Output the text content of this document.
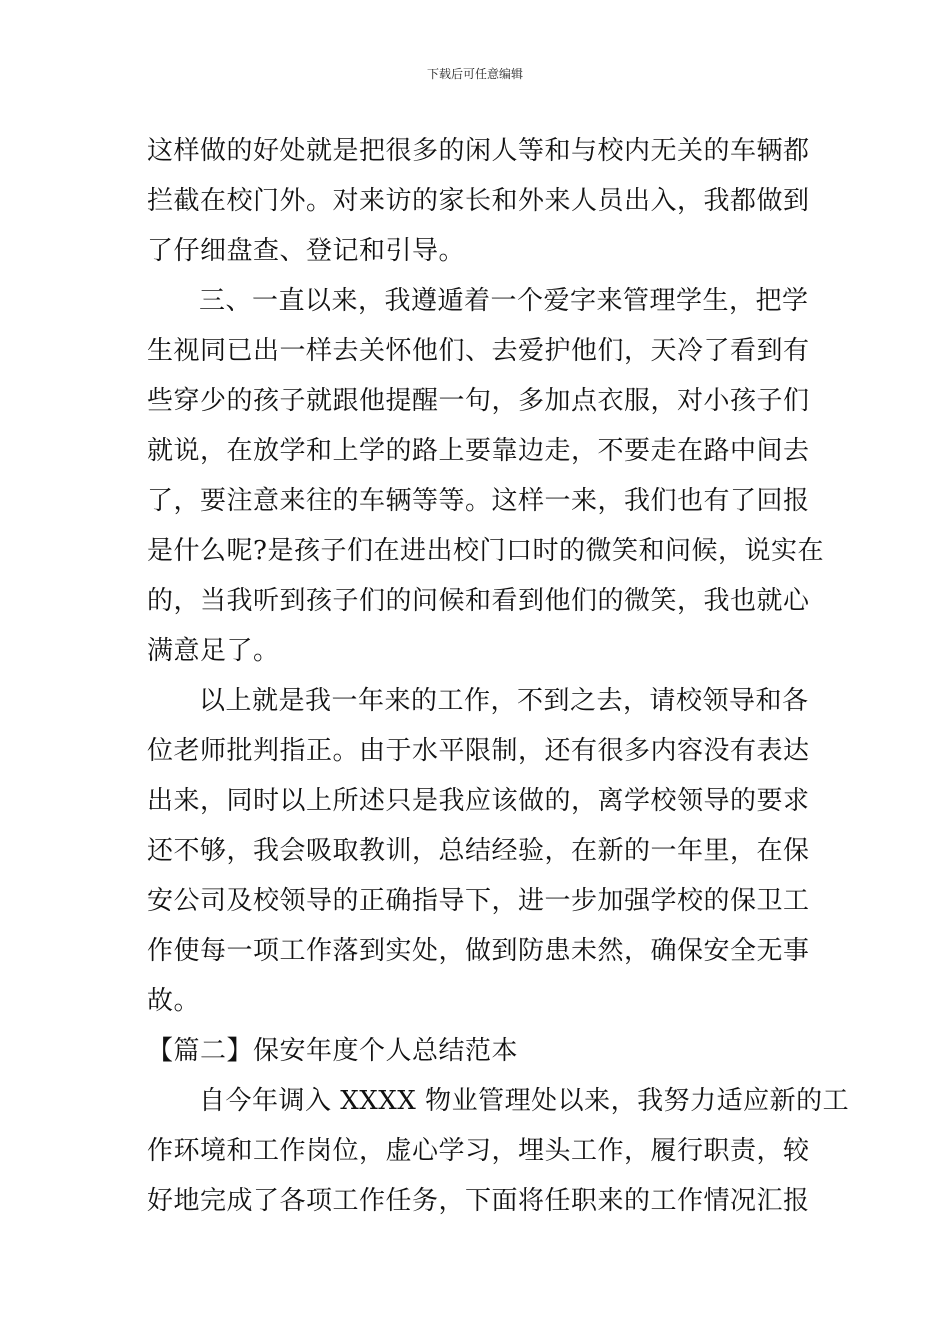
下载后可任意编辑
这样做的好处就是把很多的闲人等和与校内无关的车辆都
拦截在校门外。对来访的家长和外来人员出入，我都做到
了仔细盘查、登记和引导。
三、一直以来，我遵遁着一个爱字来管理学生，把学
生视同已出一样去关怀他们、去爱护他们，天冷了看到有
些穿少的孩子就跟他提醒一句，多加点衣服，对小孩子们
就说，在放学和上学的路上要靠边走，不要走在路中间去
了，要注意来往的车辆等等。这样一来，我们也有了回报
是什么呢?是孩子们在进出校门口时的微笑和问候，说实在
的，当我听到孩子们的问候和看到他们的微笑，我也就心
满意足了。
以上就是我一年来的工作，不到之去，请校领导和各
位老师批判指正。由于水平限制，还有很多内容没有表达
出来，同时以上所述只是我应该做的，离学校领导的要求
还不够，我会吸取教训，总结经验，在新的一年里，在保
安公司及校领导的正确指导下，进一步加强学校的保卫工
作使每一项工作落到实处，做到防患未然，确保安全无事
故。
【篇二】保安年度个人总结范本
自今年调入 XXXX 物业管理处以来，我努力适应新的工
作环境和工作岗位，虚心学习，埋头工作，履行职责，较
好地完成了各项工作任务，下面将任职来的工作情况汇报
